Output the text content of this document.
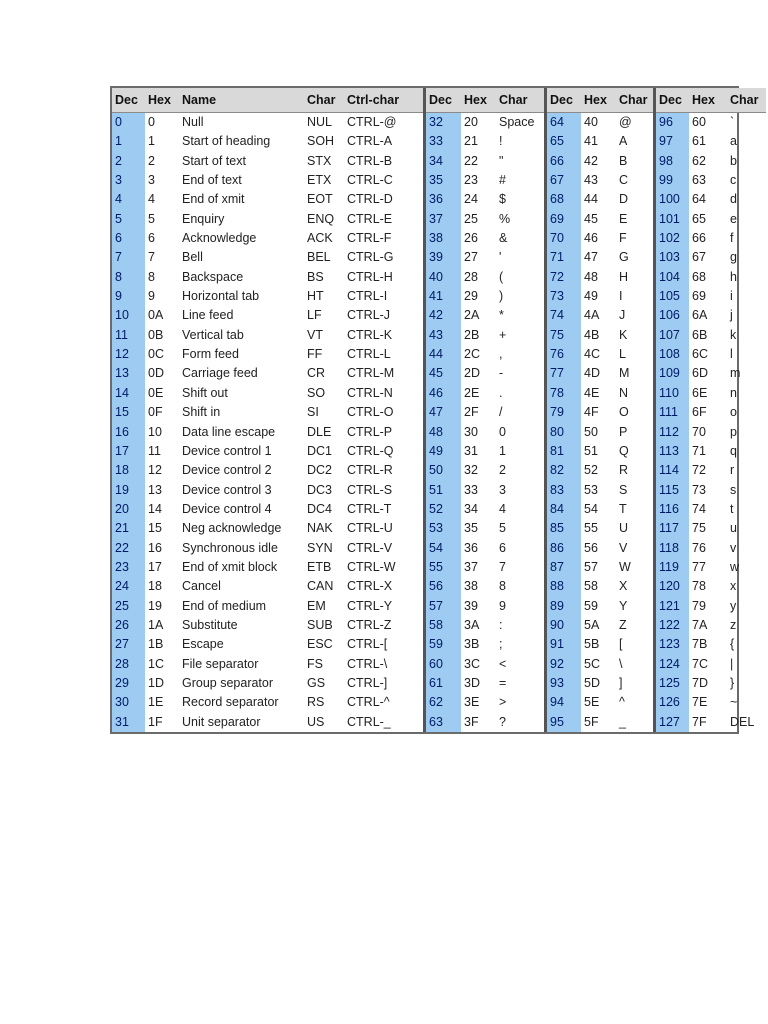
Dec Hex Name	Char Ctrl-char
0	0	Null	NUL	CTRL-@
1	1	Start of heading	SOH	CTRL-A
2	2	Start of text	STX	CTRL-B
3	3	End of text	ETX	CTRL-C
4	4	End of xmit	EOT	CTRL-D
5	5	Enquiry	ENQ	CTRL-E
6	6	Acknowledge	ACK	CTRL-F
7	7	Bell	BEL	CTRL-G
8	8	Backspace	BS	CTRL-H
9	9	Horizontal tab	HT	CTRL-I
10	0A	Line feed	LF	CTRL-J
11	0B	Vertical tab	VT	CTRL-K
12	0C	Form feed	FF	CTRL-L
13	0D	Carriage feed	CR	CTRL-M
14	0E	Shift out	SO	CTRL-N
15	0F	Shift in	SI	CTRL-O
16	10	Data line escape	DLE	CTRL-P
17	11	Device control 1	DC1	CTRL-Q
18	12	Device control 2	DC2	CTRL-R
19	13	Device control 3	DC3	CTRL-S
20	14	Device control 4	DC4	CTRL-T
21	15	Neg acknowledge	NAK	CTRL-U
22	16	Synchronous idle	SYN	CTRL-V
23	17	End of xmit block	ETB	CTRL-W
24	18	Cancel	CAN	CTRL-X
25	19	End of medium	EM	CTRL-Y
26	1A	Substitute	SUB	CTRL-Z
27	1B	Escape	ESC	CTRL-[
28	1C	File separator	FS	CTRL-\
29	1D	Group separator	GS	CTRL-]
30	1E	Record separator	RS	CTRL-^
31	1F	Unit separator	US	CTRL-_
Dec Hex Char
32	20	Space
33	21	!
34	22	"
35	23	#
36	24	$
37	25	%
38	26	&
39	27	'
40	28	(
41	29	)
42	2A	*
43	2B	+
44	2C	,
45	2D	-
46	2E	.
47	2F	/
48	30	0
49	31	1
50	32	2
51	33	3
52	34	4
53	35	5
54	36	6
55	37	7
56	38	8
57	39	9
58	3A	:
59	3B	;
60	3C	<
61	3D	=
62	3E	>
63	3F	?
Dec Hex Char
64	40	@
65	41	A
66	42	B
67	43	C
68	44	D
69	45	E
70	46	F
71	47	G
72	48	H
73	49	I
74	4A	J
75	4B	K
76	4C	L
77	4D	M
78	4E	N
79	4F	O
80	50	P
81	51	Q
82	52	R
83	53	S
84	54	T
85	55	U
86	56	V
87	57	W
88	58	X
89	59	Y
90	5A	Z
91	5B	[
92	5C	\
93	5D	]
94	5E	^
95	5F	_
Dec Hex	Char
96	60	`
97	61	a
98	62	b
99	63	c
100 64	d
101 65	e
102 66	f
103 67	g
104 68	h
105 69	i
106 6A	j
107 6B	k
108 6C	l
109 6D	m
110	6E	n
111	6F	o
112	70	p
113	71	q
114	72	r
115	73	s
116	74	t
117	75	u
118	76	v
119	77	w
120 78	x
121 79	y
122 7A	z
123 7B	{
124 7C	|
125 7D	}
126 7E	~
127 7F	DEL
